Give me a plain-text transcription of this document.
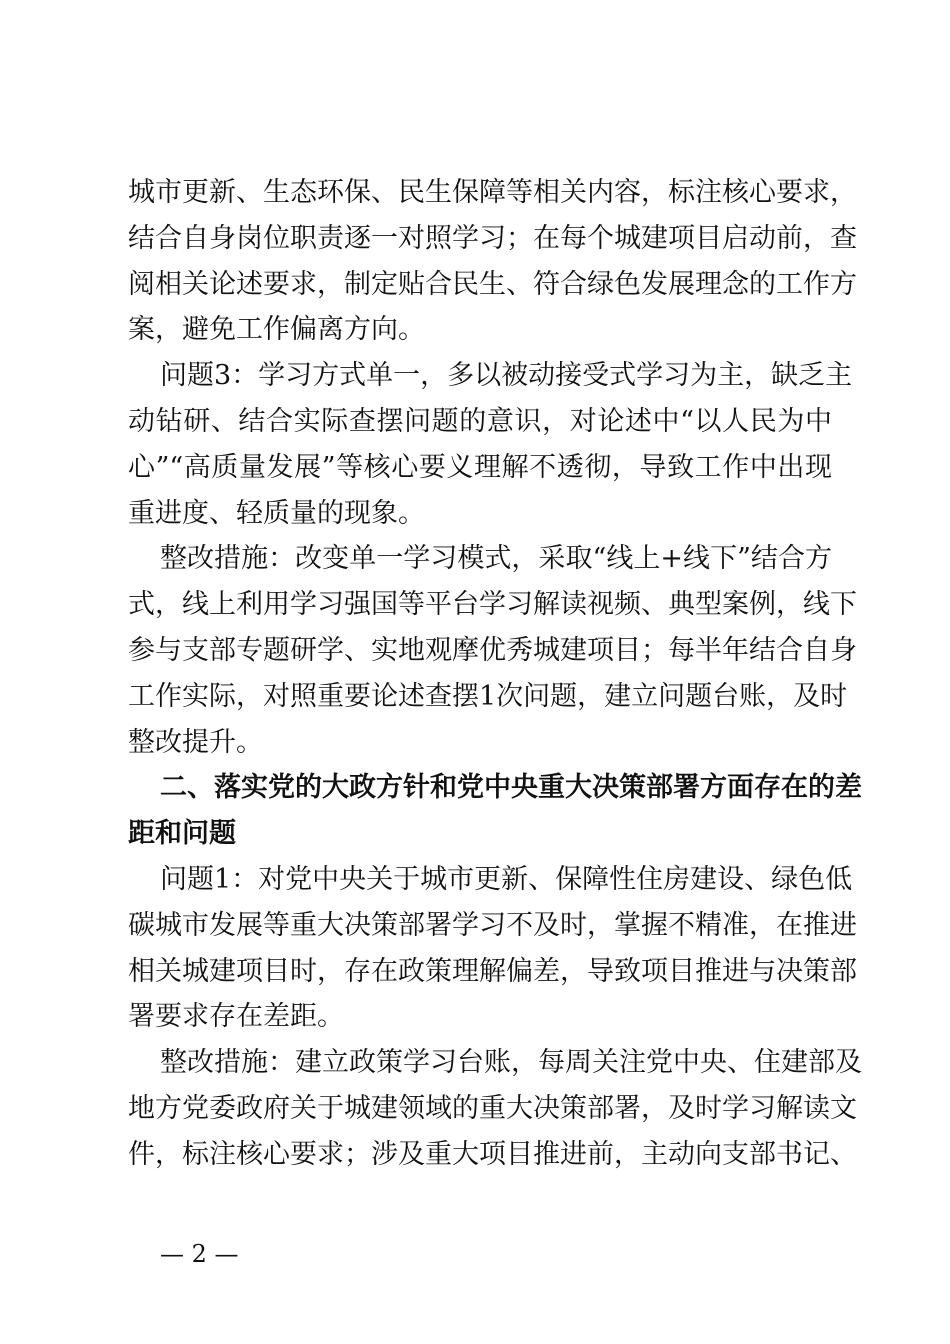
城市更新、生态环保、民生保障等相关内容，标注核心要求，
结合自身岗位职责逐一对照学习；在每个城建项目启动前，查
阅相关论述要求，制定贴合民生、符合绿色发展理念的工作方
案，避免工作偏离方向。
问题3：学习方式单一，多以被动接受式学习为主，缺乏主
动钻研、结合实际查摆问题的意识，对论述中“以人民为中
心”“高质量发展”等核心要义理解不透彻，导致工作中出现
重进度、轻质量的现象。
整改措施：改变单一学习模式，采取“线上+线下”结合方
式，线上利用学习强国等平台学习解读视频、典型案例，线下
参与支部专题研学、实地观摩优秀城建项目；每半年结合自身
工作实际，对照重要论述查摆1次问题，建立问题台账，及时
整改提升。
二、落实党的大政方针和党中央重大决策部署方面存在的差
距和问题
问题1：对党中央关于城市更新、保障性住房建设、绿色低
碳城市发展等重大决策部署学习不及时，掌握不精准，在推进
相关城建项目时，存在政策理解偏差，导致项目推进与决策部
署要求存在差距。
整改措施：建立政策学习台账，每周关注党中央、住建部及
地方党委政府关于城建领域的重大决策部署，及时学习解读文
件，标注核心要求；涉及重大项目推进前，主动向支部书记、
— 2 —
